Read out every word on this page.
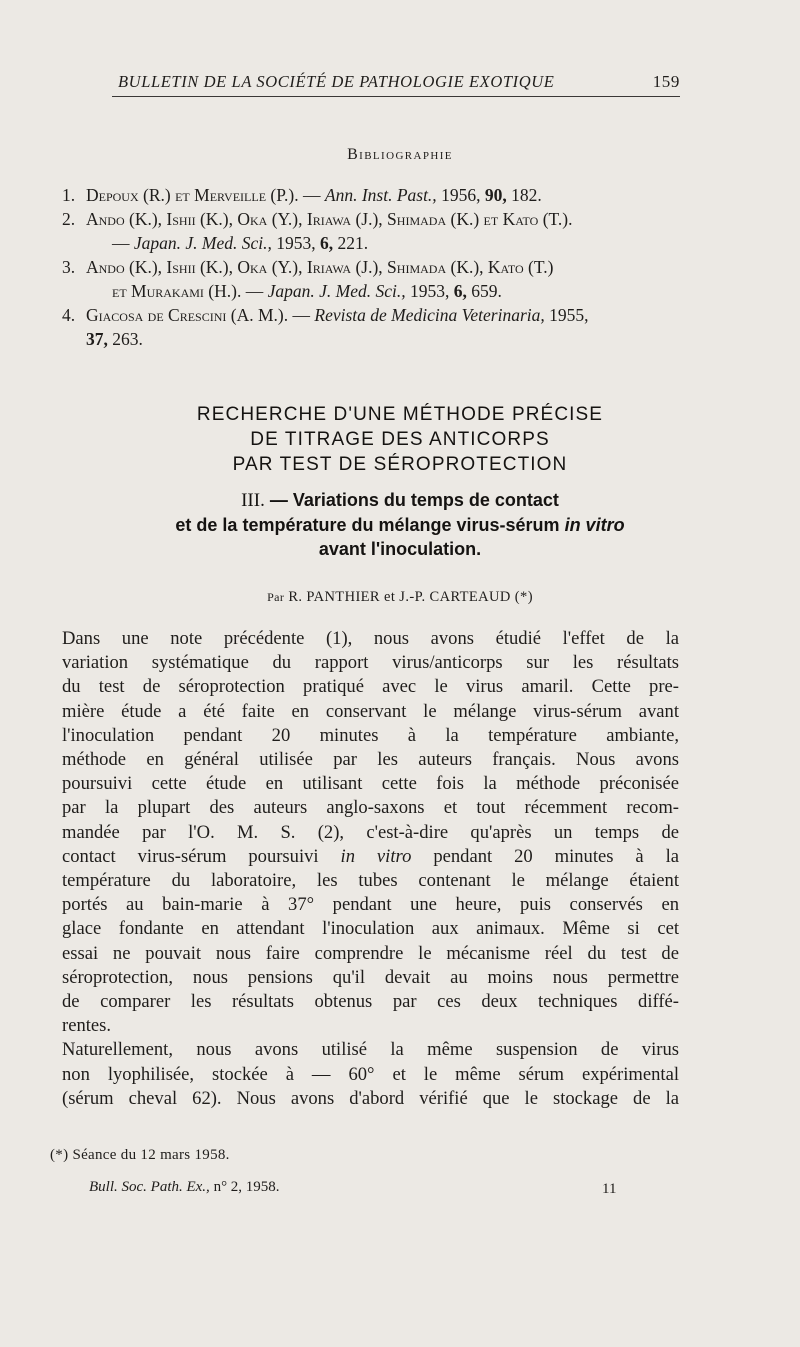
BULLETIN DE LA SOCIÉTÉ DE PATHOLOGIE EXOTIQUE	159
Bibliographie
1. Depoux (R.) et Merveille (P.). — Ann. Inst. Past., 1956, 90, 182.
2. Ando (K.), Ishii (K.), Oka (Y.), Iriawa (J.), Shimada (K.) et Kato (T.).
— Japan. J. Med. Sci., 1953, 6, 221.
3. Ando (K.), Ishii (K.), Oka (Y.), Iriawa (J.), Shimada (K.), Kato (T.)
et Murakami (H.). — Japan. J. Med. Sci., 1953, 6, 659.
4. Giacosa de Crescini (A. M.). — Revista de Medicina Veterinaria, 1955,
37, 263.
RECHERCHE D'UNE MÉTHODE PRÉCISE
DE TITRAGE DES ANTICORPS
PAR TEST DE SÉROPROTECTION
III. — Variations du temps de contact
et de la température du mélange virus-sérum in vitro
avant l'inoculation.
Par R. PANTHIER et J.-P. CARTEAUD (*)
Dans une note précédente (1), nous avons étudié l'effet de la
variation systématique du rapport virus/anticorps sur les résultats
du test de séroprotection pratiqué avec le virus amaril. Cette pre-
mière étude a été faite en conservant le mélange virus-sérum avant
l'inoculation pendant 20 minutes à la température ambiante,
méthode en général utilisée par les auteurs français. Nous avons
poursuivi cette étude en utilisant cette fois la méthode préconisée
par la plupart des auteurs anglo-saxons et tout récemment recom-
mandée par l'O. M. S. (2), c'est-à-dire qu'après un temps de
contact virus-sérum poursuivi in vitro pendant 20 minutes à la
température du laboratoire, les tubes contenant le mélange étaient
portés au bain-marie à 37° pendant une heure, puis conservés en
glace fondante en attendant l'inoculation aux animaux. Même si cet
essai ne pouvait nous faire comprendre le mécanisme réel du test de
séroprotection, nous pensions qu'il devait au moins nous permettre
de comparer les résultats obtenus par ces deux techniques diffé-
rentes.
Naturellement, nous avons utilisé la même suspension de virus
non lyophilisée, stockée à — 60° et le même sérum expérimental
(sérum cheval 62). Nous avons d'abord vérifié que le stockage de la
(*) Séance du 12 mars 1958.
Bull. Soc. Path. Ex., n° 2, 1958.	11
